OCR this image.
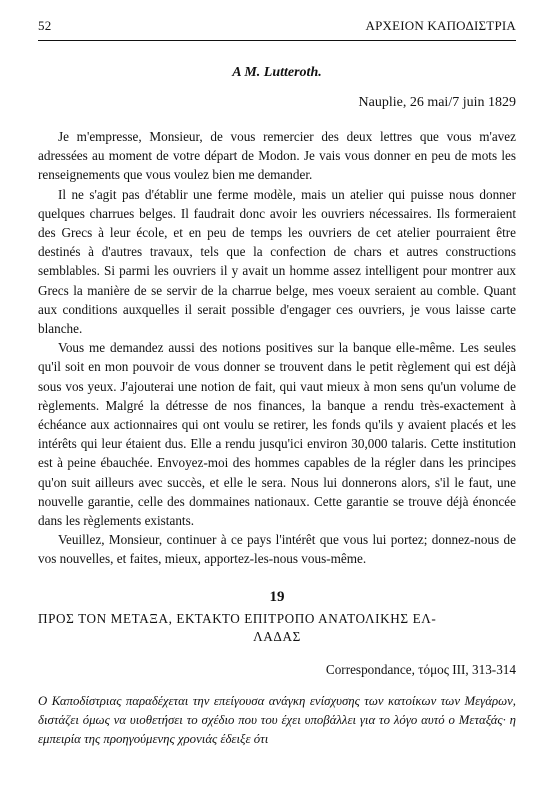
52	ΑΡΧΕΙΟΝ ΚΑΠΟΔΙΣΤΡΙΑ
A M. Lutteroth.
Nauplie, 26 mai/7 juin 1829

Je m'empresse, Monsieur, de vous remercier des deux lettres que vous m'avez adressées au moment de votre départ de Modon. Je vais vous donner en peu de mots les renseignements que vous voulez bien me demander.

Il ne s'agit pas d'établir une ferme modèle, mais un atelier qui puisse nous donner quelques charrues belges. Il faudrait donc avoir les ouvriers nécessaires. Ils formeraient des Grecs à leur école, et en peu de temps les ouvriers de cet atelier pourraient être destinés à d'autres travaux, tels que la confection de chars et autres constructions semblables. Si parmi les ouvriers il y avait un homme assez intelligent pour montrer aux Grecs la manière de se servir de la charrue belge, mes voeux seraient au comble. Quant aux conditions auxquelles il serait possible d'engager ces ouvriers, je vous laisse carte blanche.

Vous me demandez aussi des notions positives sur la banque elle-même. Les seules qu'il soit en mon pouvoir de vous donner se trouvent dans le petit règlement qui est déjà sous vos yeux. J'ajouterai une notion de fait, qui vaut mieux à mon sens qu'un volume de règlements. Malgré la détresse de nos finances, la banque a rendu très-exactement à échéance aux actionnaires qui ont voulu se retirer, les fonds qu'ils y avaient placés et les intérêts qui leur étaient dus. Elle a rendu jusqu'ici environ 30,000 talaris. Cette institution est à peine ébauchée. Envoyez-moi des hommes capables de la régler dans les principes qu'on suit ailleurs avec succès, et elle le sera. Nous lui donnerons alors, s'il le faut, une nouvelle garantie, celle des dommaines nationaux. Cette garantie se trouve déjà énoncée dans les règlements existants.

Veuillez, Monsieur, continuer à ce pays l'intérêt que vous lui portez; donnez-nous de vos nouvelles, et faites, mieux, apportez-les-nous vous-même.

19
ΠΡΟΣ ΤΟΝ ΜΕΤΑΞΑ, ΕΚΤΑΚΤΟ ΕΠΙΤΡΟΠΟ ΑΝΑΤΟΛΙΚΗΣ ΕΛ-
ΛΑΔΑΣ
Correspondance, τόμος III, 313-314
Ο Καποδίστριας παραδέχεται την επείγουσα ανάγκη ενίσχυσης των κατοίκων των Μεγάρων, διστάζει όμως να υιοθετήσει το σχέδιο που του έχει υποβάλλει για το λόγο αυτό ο Μεταξάς· η εμπειρία της προηγούμενης χρονιάς έδειξε ότι
